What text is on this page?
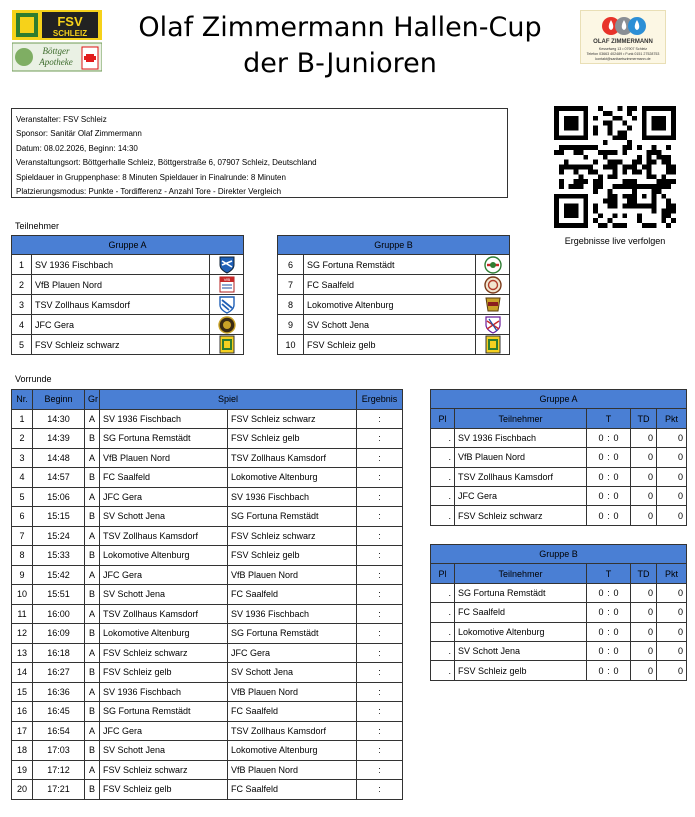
FSV
SCHLEIZ
Böttger
Apotheke
Olaf Zimmermann Hallen-Cup
der B-Junioren
OLAF ZIMMERMANN
Kesselweg 13 • 07907 Schleiz
Telefon 03663 402489 • Funk 0151 27528753
kontakt@sanitaetszimmermann.de
Veranstalter: FSV Schleiz
Sponsor: Sanitär Olaf Zimmermann
Datum: 08.02.2026, Beginn: 14:30
Veranstaltungsort: Böttgerhalle Schleiz, Böttgerstraße 6, 07907 Schleiz, Deutschland
Spieldauer in Gruppenphase: 8 Minuten Spieldauer in Finalrunde: 8 Minuten
Platzierungsmodus: Punkte - Tordifferenz - Anzahl Tore - Direkter Vergleich
Ergebnisse live verfolgen
Teilnehmer
Gruppe A		
1	SV 1936 Fischbach	

2	VfB Plauen Nord	VfB

3	TSV Zollhaus Kamsdorf	

4	JFC Gera	

5	FSV Schleiz schwarz	
Gruppe B		
6	SG Fortuna Remstädt	

7	FC Saalfeld	

8	Lokomotive Altenburg	

9	SV Schott Jena	

10	FSV Schleiz gelb	
Vorrunde
Nr.	Beginn	Gr	Spiel		Ergebnis
1	14:30	A	SV 1936 Fischbach	FSV Schleiz schwarz	:
2	14:39	B	SG Fortuna Remstädt	FSV Schleiz gelb	:
3	14:48	A	VfB Plauen Nord	TSV Zollhaus Kamsdorf	:
4	14:57	B	FC Saalfeld	Lokomotive Altenburg	:
5	15:06	A	JFC Gera	SV 1936 Fischbach	:
6	15:15	B	SV Schott Jena	SG Fortuna Remstädt	:
7	15:24	A	TSV Zollhaus Kamsdorf	FSV Schleiz schwarz	:
8	15:33	B	Lokomotive Altenburg	FSV Schleiz gelb	:
9	15:42	A	JFC Gera	VfB Plauen Nord	:
10	15:51	B	SV Schott Jena	FC Saalfeld	:
11	16:00	A	TSV Zollhaus Kamsdorf	SV 1936 Fischbach	:
12	16:09	B	Lokomotive Altenburg	SG Fortuna Remstädt	:
13	16:18	A	FSV Schleiz schwarz	JFC Gera	:
14	16:27	B	FSV Schleiz gelb	SV Schott Jena	:
15	16:36	A	SV 1936 Fischbach	VfB Plauen Nord	:
16	16:45	B	SG Fortuna Remstädt	FC Saalfeld	:
17	16:54	A	JFC Gera	TSV Zollhaus Kamsdorf	:
18	17:03	B	SV Schott Jena	Lokomotive Altenburg	:
19	17:12	A	FSV Schleiz schwarz	VfB Plauen Nord	:
20	17:21	B	FSV Schleiz gelb	FC Saalfeld	:
Gruppe A				
Pl	Teilnehmer	T	TD	Pkt
.	SV 1936 Fischbach	0 : 0	0	0
.	VfB Plauen Nord	0 : 0	0	0
.	TSV Zollhaus Kamsdorf	0 : 0	0	0
.	JFC Gera	0 : 0	0	0
.	FSV Schleiz schwarz	0 : 0	0	0
Gruppe B				
Pl	Teilnehmer	T	TD	Pkt
.	SG Fortuna Remstädt	0 : 0	0	0
.	FC Saalfeld	0 : 0	0	0
.	Lokomotive Altenburg	0 : 0	0	0
.	SV Schott Jena	0 : 0	0	0
.	FSV Schleiz gelb	0 : 0	0	0
